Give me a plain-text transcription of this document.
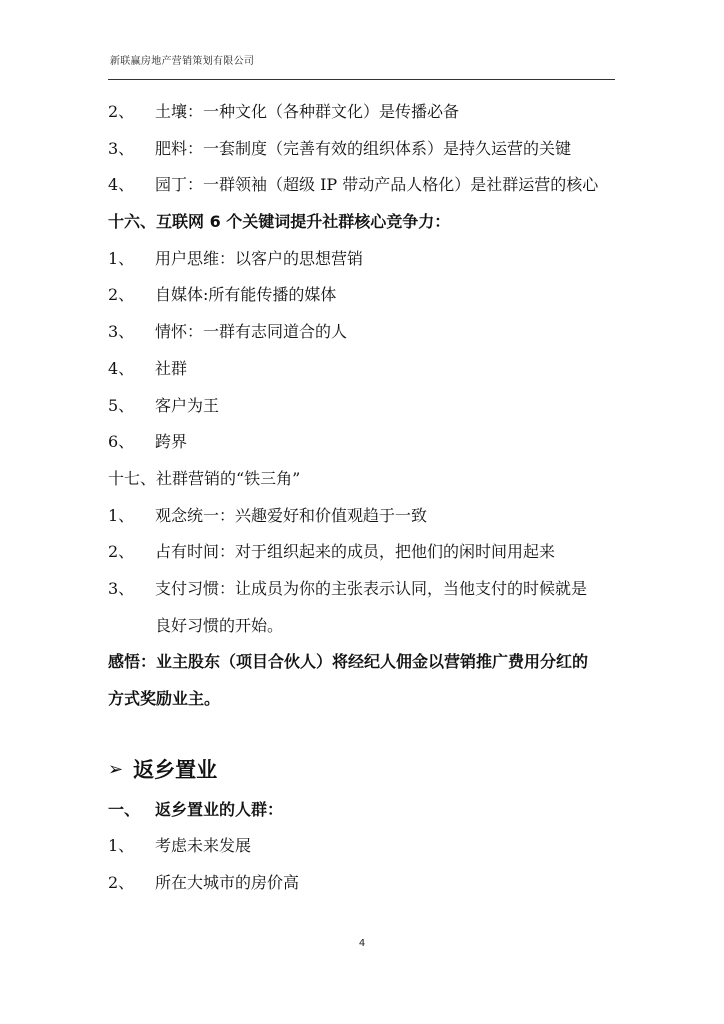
新联赢房地产营销策划有限公司
2、	土壤：一种文化（各种群文化）是传播必备
3、	肥料：一套制度（完善有效的组织体系）是持久运营的关键
4、	园丁：一群领袖（超级 IP 带动产品人格化）是社群运营的核心
十六、互联网 6 个关键词提升社群核心竞争力：
1、	用户思维：以客户的思想营销
2、	自媒体:所有能传播的媒体
3、	情怀：一群有志同道合的人
4、	社群
5、	客户为王
6、	跨界
十七、社群营销的“铁三角”
1、	观念统一：兴趣爱好和价值观趋于一致
2、	占有时间：对于组织起来的成员，把他们的闲时间用起来
3、	支付习惯：让成员为你的主张表示认同，当他支付的时候就是
良好习惯的开始。
感悟：业主股东（项目合伙人）将经纪人佣金以营销推广费用分红的
方式奖励业主。
➢ 返乡置业
一、 返乡置业的人群：
1、	考虑未来发展
2、	所在大城市的房价高
4
